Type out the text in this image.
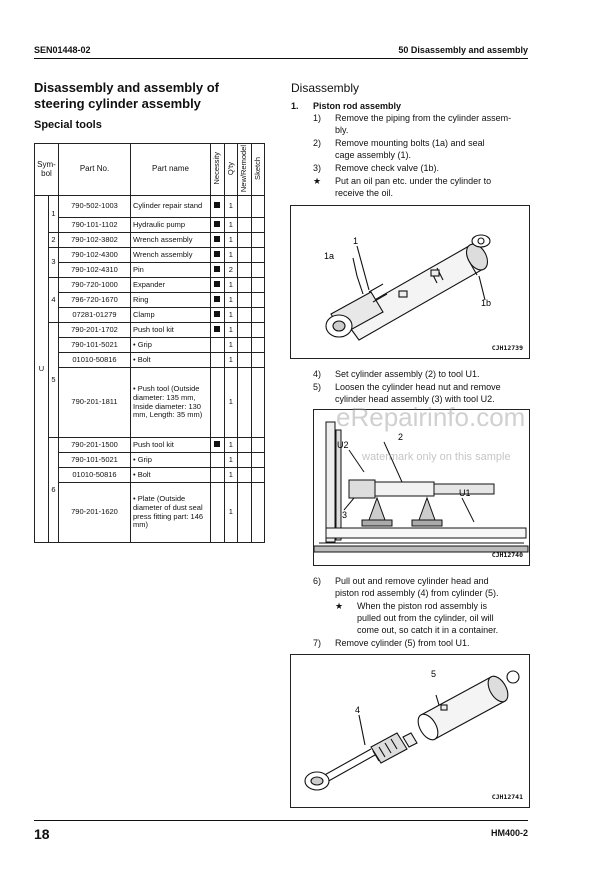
SEN01448-02	50 Disassembly and assembly
Disassembly and assembly of
steering cylinder assembly
Special tools
Sym-bol		Part No.	Part name	Necessity	Q'ty	New/Remodel	Sketch
U	1	790-502-1003	Cylinder repair stand		1		
		790-101-1102	Hydraulic pump		1		
	2	790-102-3802	Wrench assembly		1		
	3	790-102-4300	Wrench assembly		1		
		790-102-4310	Pin		2		
	4	790-720-1000	Expander		1		
		796-720-1670	Ring		1		
		07281-01279	Clamp		1		
	5	790-201-1702	Push tool kit		1		
		790-101-5021	• Grip		1		
		01010-50816	• Bolt		1		
		790-201-1811	• Push tool (Outside diameter: 135 mm, Inside diameter: 130 mm, Length: 35 mm)		1		
	6	790-201-1500	Push tool kit		1		
		790-101-5021	• Grip		1		
		01010-50816	• Bolt		1		
		790-201-1620	• Plate (Outside diameter of dust seal press fitting part: 146 mm)		1		
Disassembly
1. Piston rod assembly
1) Remove the piping from the cylinder assem-
bly.
2) Remove mounting bolts (1a) and seal
cage assembly (1).
3) Remove check valve (1b).
★ Put an oil pan etc. under the cylinder to
receive the oil.
1
1a
1b
CJH12739
4) Set cylinder assembly (2) to tool U1.
5) Loosen the cylinder head nut and remove
cylinder head assembly (3) with tool U2.
U2
2
3
U1
CJH12740
6) Pull out and remove cylinder head and
piston rod assembly (4) from cylinder (5).
★ When the piston rod assembly is
pulled out from the cylinder, oil will
come out, so catch it in a container.
7) Remove cylinder (5) from tool U1.
5
4
CJH12741
eRepairinfo.com
watermark only on this sample
18	HM400-2
